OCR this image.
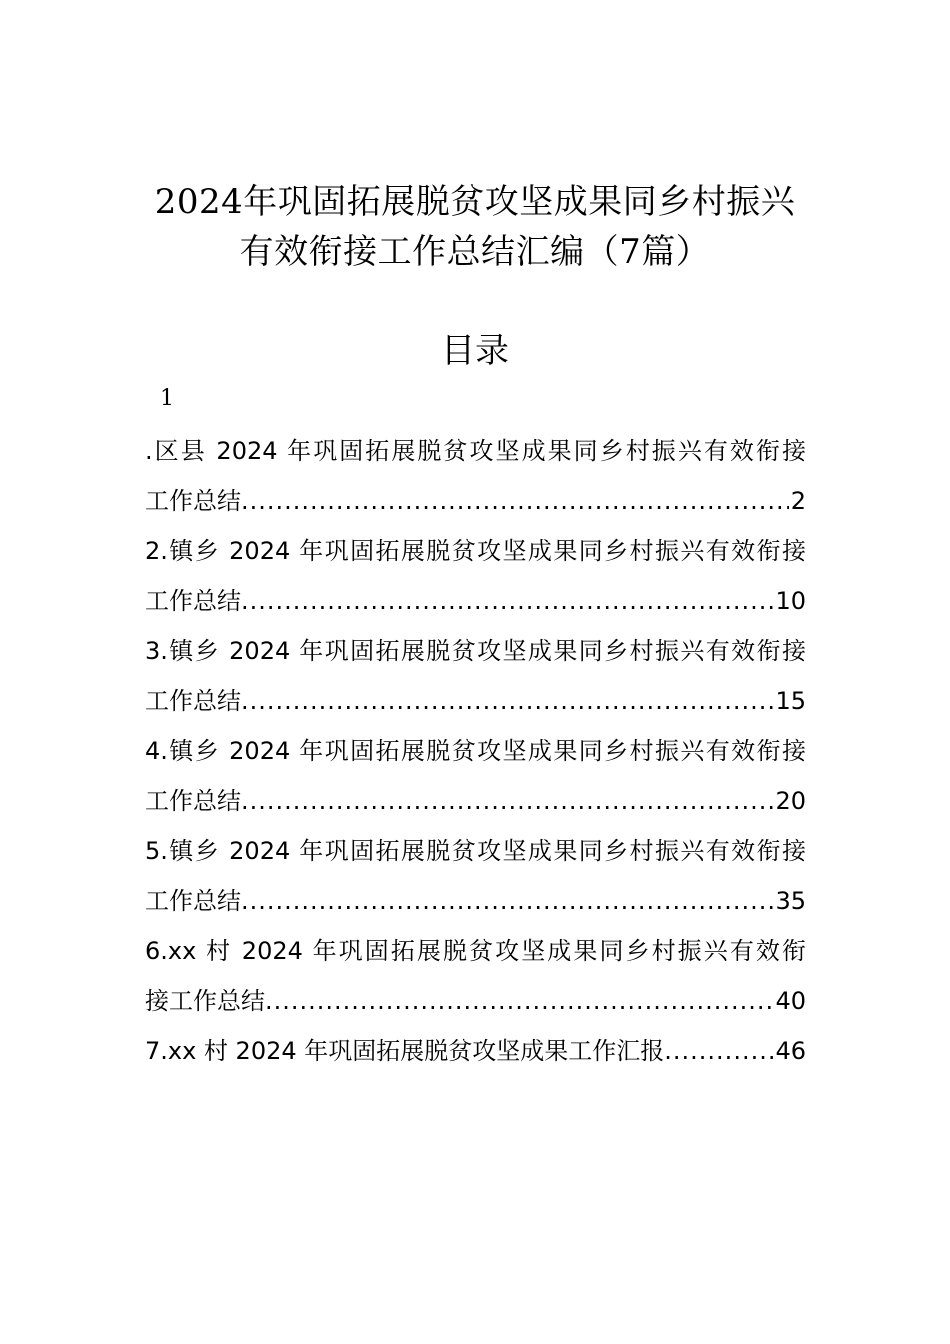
2024年巩固拓展脱贫攻坚成果同乡村振兴
有效衔接工作总结汇编（7篇）
目录
1
.区县 2024 年巩固拓展脱贫攻坚成果同乡村振兴有效衔接
工作总结 .....	2
2.镇乡 2024 年巩固拓展脱贫攻坚成果同乡村振兴有效衔接
工作总结 .....	10
3.镇乡 2024 年巩固拓展脱贫攻坚成果同乡村振兴有效衔接
工作总结 .....	15
4.镇乡 2024 年巩固拓展脱贫攻坚成果同乡村振兴有效衔接
工作总结 .....	20
5.镇乡 2024 年巩固拓展脱贫攻坚成果同乡村振兴有效衔接
工作总结 .....	35
6.xx 村 2024 年巩固拓展脱贫攻坚成果同乡村振兴有效衔
接工作总结 .....	40
7.xx 村 2024 年巩固拓展脱贫攻坚成果工作汇报 .....	46
